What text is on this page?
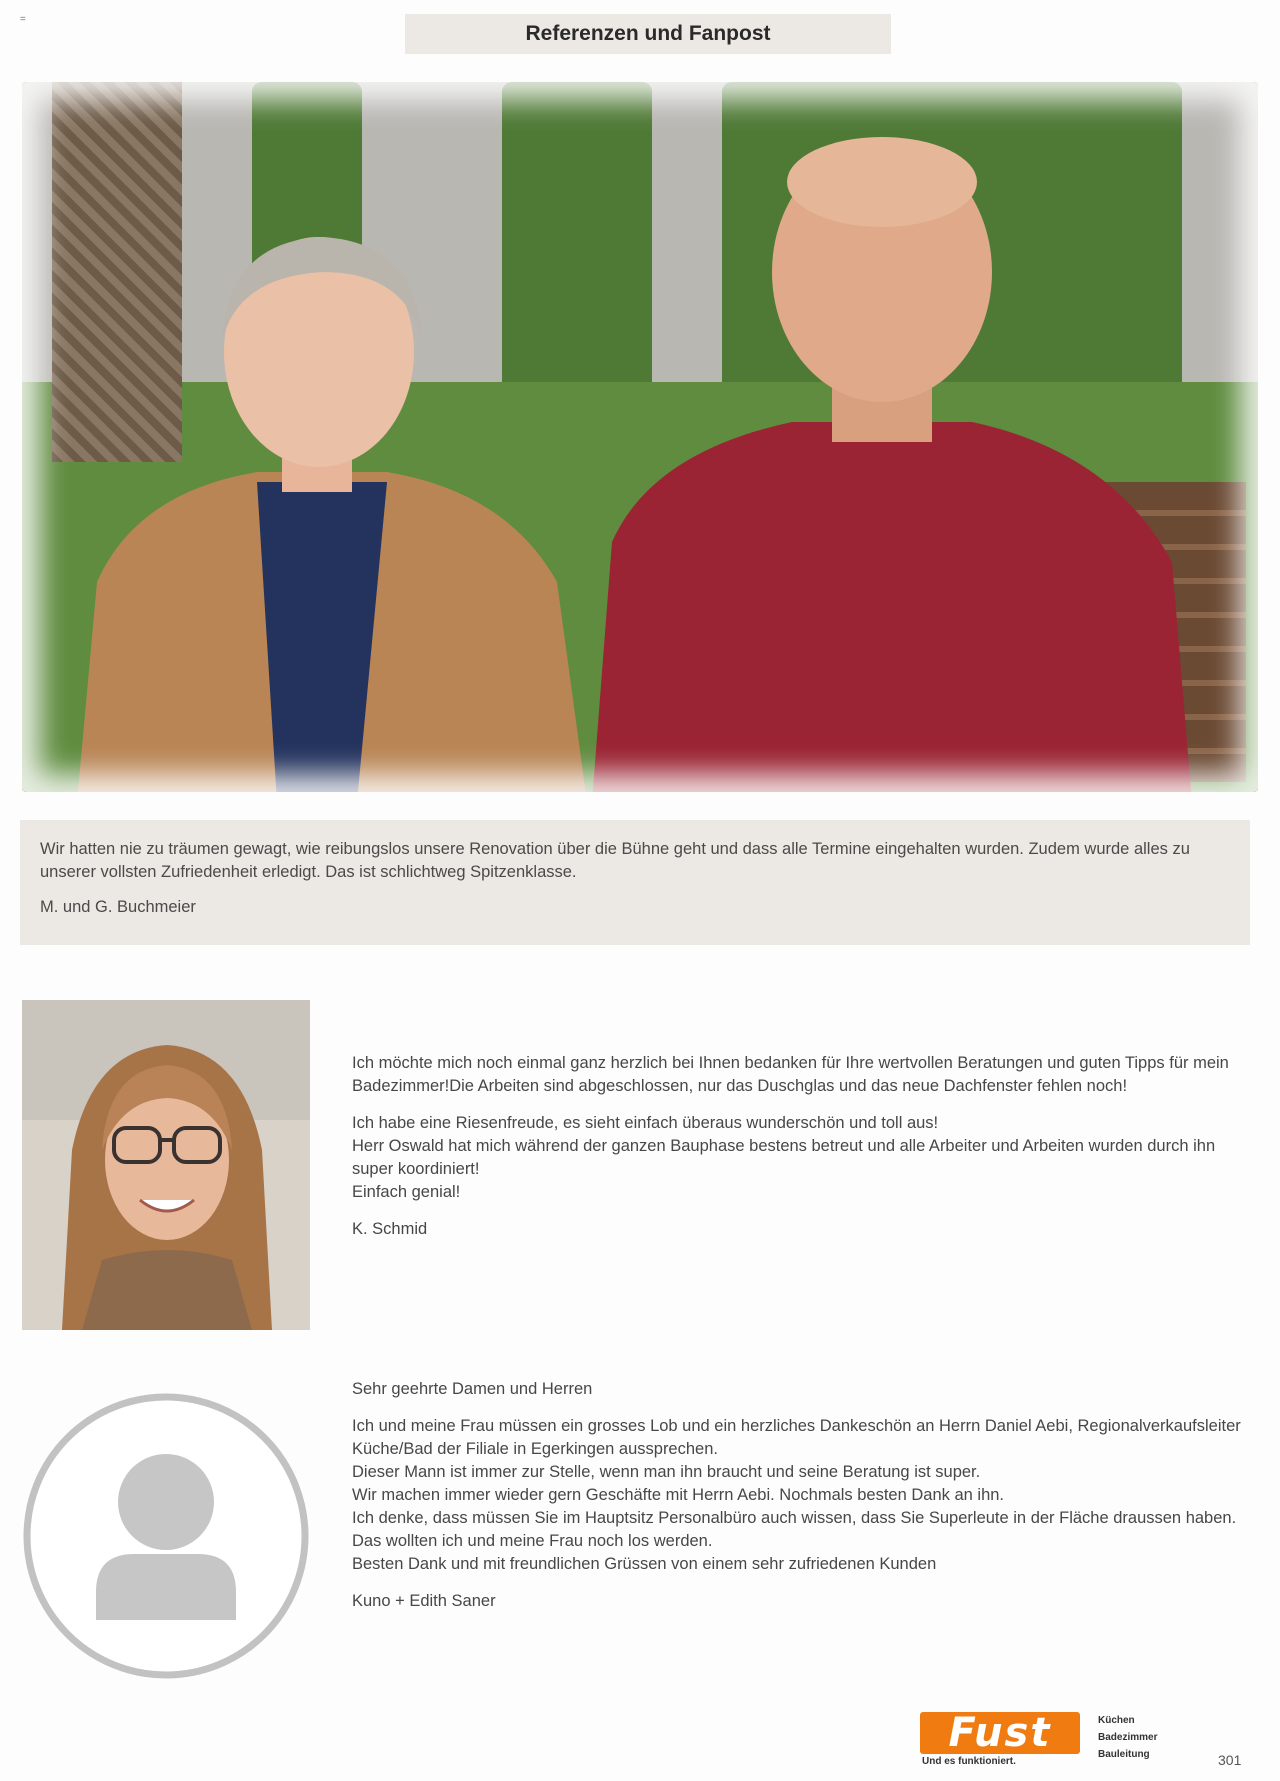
=
Referenzen und Fanpost

Wir hatten nie zu träumen gewagt, wie reibungslos unsere Renovation über die Bühne geht und dass alle Termine eingehalten wurden. Zudem wurde alles zu unserer vollsten Zufriedenheit erledigt. Das ist schlichtweg Spitzenklasse.

M. und G. Buchmeier

Ich möchte mich noch einmal ganz herzlich bei Ihnen bedanken für Ihre wertvollen Beratungen und guten Tipps für mein Badezimmer!Die Arbeiten sind abgeschlossen, nur das Duschglas und das neue Dachfenster fehlen noch!

Ich habe eine Riesenfreude, es sieht einfach überaus wunderschön und toll aus!

Herr Oswald hat mich während der ganzen Bauphase bestens betreut und alle Arbeiter und Arbeiten wurden durch ihn super koordiniert!

Einfach genial!

K. Schmid

Sehr geehrte Damen und Herren

Ich und meine Frau müssen ein grosses Lob und ein herzliches Dankeschön an Herrn Daniel Aebi, Regionalverkaufsleiter Küche/Bad der Filiale in Egerkingen aussprechen.
Dieser Mann ist immer zur Stelle, wenn man ihn braucht und seine Beratung ist super.
Wir machen immer wieder gern Geschäfte mit Herrn Aebi. Nochmals besten Dank an ihn.
Ich denke, dass müssen Sie im Hauptsitz Personalbüro auch wissen, dass Sie Superleute in der Fläche draussen haben.
Das wollten ich und meine Frau noch los werden.
Besten Dank und mit freundlichen Grüssen von einem sehr zufriedenen Kunden

Kuno + Edith Saner

Fust
Und es funktioniert.
Küchen
Badezimmer
Bauleitung	301
